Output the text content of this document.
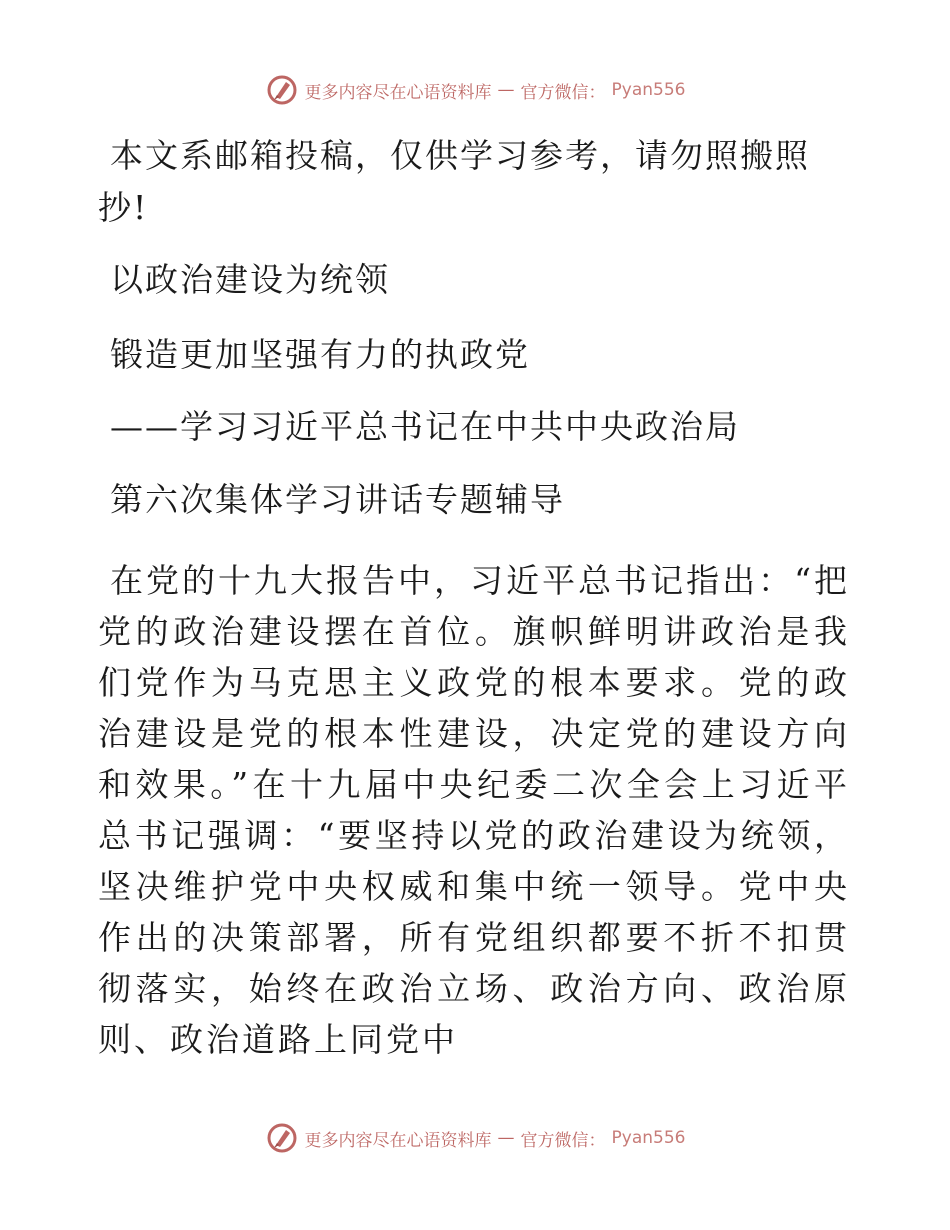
更多内容尽在心语资料库 — 官方微信： Pyan556

本文系邮箱投稿，仅供学习参考，请勿照搬照抄!

以政治建设为统领

锻造更加坚强有力的执政党

——学习习近平总书记在中共中央政治局

第六次集体学习讲话专题辅导

在党的十九大报告中，习近平总书记指出：“把党的政治建设摆在首位。旗帜鲜明讲政治是我们党作为马克思主义政党的根本要求。党的政治建设是党的根本性建设，决定党的建设方向和效果。”在十九届中央纪委二次全会上习近平总书记强调：“要坚持以党的政治建设为统领，坚决维护党中央权威和集中统一领导。党中央作出的决策部署，所有党组织都要不折不扣贯彻落实，始终在政治立场、政治方向、政治原则、政治道路上同党中

更多内容尽在心语资料库 — 官方微信： Pyan556
